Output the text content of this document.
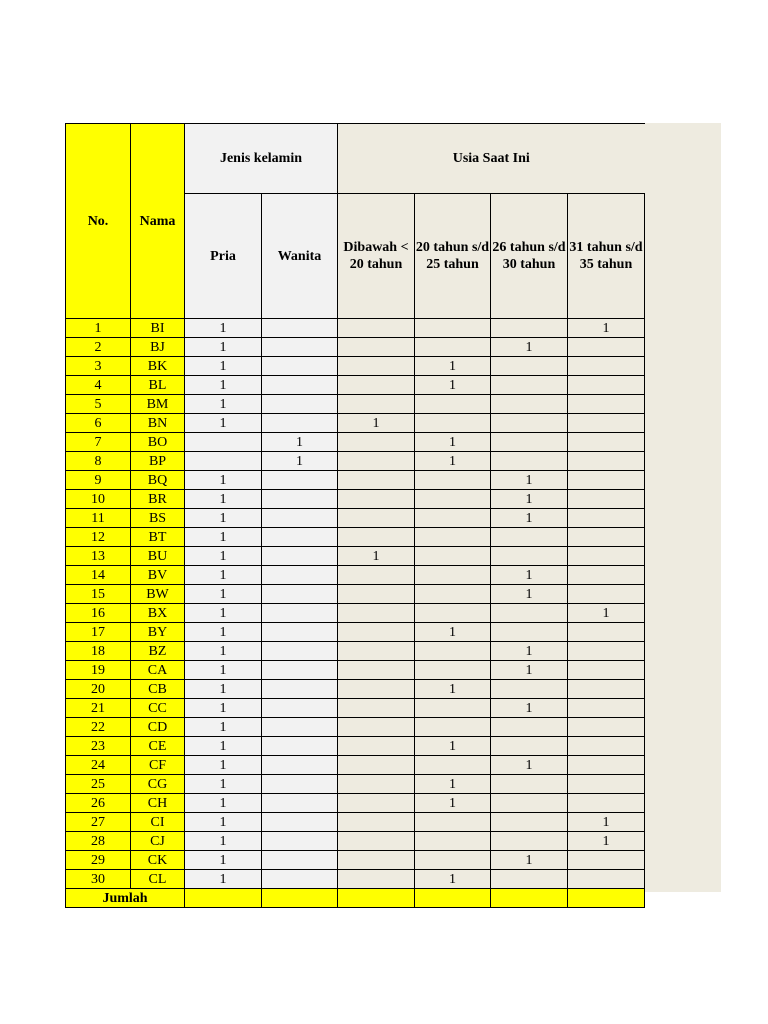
No.	Nama	Jenis kelamin		Usia Saat Ini			
		Pria	Wanita	Dibawah < 20 tahun	20 tahun s/d 25 tahun	26 tahun s/d 30 tahun	31 tahun s/d 35 tahun
1	BI	1					1
2	BJ	1				1	
3	BK	1			1		
4	BL	1			1		
5	BM	1					
6	BN	1		1			
7	BO		1		1		
8	BP		1		1		
9	BQ	1				1	
10	BR	1				1	
11	BS	1				1	
12	BT	1					
13	BU	1		1			
14	BV	1				1	
15	BW	1				1	
16	BX	1					1
17	BY	1			1		
18	BZ	1				1	
19	CA	1				1	
20	CB	1			1		
21	CC	1				1	
22	CD	1					
23	CE	1			1		
24	CF	1				1	
25	CG	1			1		
26	CH	1			1		
27	CI	1					1
28	CJ	1					1
29	CK	1				1	
30	CL	1			1		
Jumlah							
